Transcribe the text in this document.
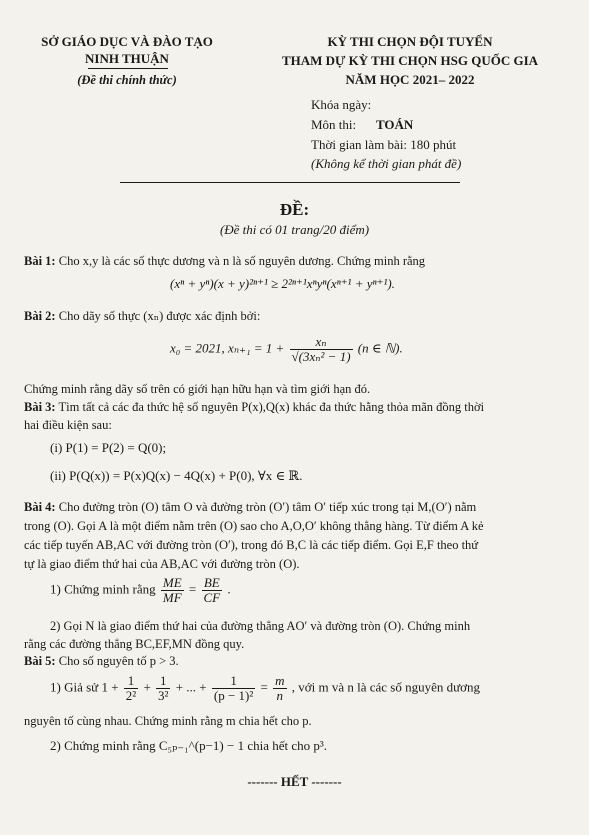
SỞ GIÁO DỤC VÀ ĐÀO TẠO
NINH THUẬN
(Đề thi chính thức)
KỲ THI CHỌN ĐỘI TUYỂN
THAM DỰ KỲ THI CHỌN HSG QUỐC GIA
NĂM HỌC 2021– 2022
Khóa ngày:
Môn thi: TOÁN
Thời gian làm bài: 180 phút
(Không kể thời gian phát đề)
ĐỀ:
(Đề thi có 01 trang/20 điểm)
Bài 1: Cho x,y là các số thực dương và n là số nguyên dương. Chứng minh rằng
(xⁿ + yⁿ)(x + y)²ⁿ⁺¹ ≥ 2²ⁿ⁺¹xⁿyⁿ(xⁿ⁺¹ + yⁿ⁺¹).
Bài 2: Cho dãy số thực (xₙ) được xác định bởi:
x₀ = 2021, $x_{n+1} = 1 + \frac{\text{xₙ}}{\text{√(3xₙ² − 1)}} (n$ ∈ ℕ).
Chứng minh rằng dãy số trên có giới hạn hữu hạn và tìm giới hạn đó.
Bài 3: Tìm tất cả các đa thức hệ số nguyên P(x),Q(x) khác đa thức hằng thỏa mãn đồng thời
hai điều kiện sau:
(i) P(1) = P(2) = Q(0);
(ii) P(Q(x)) = P(x)Q(x) − 4Q(x) + P(0), ∀x ∈ ℝ.
Bài 4: Cho đường tròn (O) tâm O và đường tròn (O′) tâm O′ tiếp xúc trong tại M,(O′) nằm
trong (O). Gọi A là một điểm nằm trên (O) sao cho A,O,O′ không thẳng hàng. Từ điểm A kẻ
các tiếp tuyến AB,AC với đường tròn (O′), trong đó B,C là các tiếp điểm. Gọi E,F theo thứ
tự là giao điểm thứ hai của AB,AC với đường tròn (O).
1) Chứng minh rằng $\frac{ME}{MF} = \frac{BE}{CF}$ .
2) Gọi N là giao điểm thứ hai của đường thẳng AO′ và đường tròn (O). Chứng minh
rằng các đường thẳng BC,EF,MN đồng quy.
Bài 5: Cho số nguyên tố p > 3.
1) Giả sử $1 + \frac{1}{\text{2²}} + \frac{1}{\text{3²}}$ + ... + $\frac{1}{\text{(p − 1)²}} = \frac{m}{n}$ , với m và n là các số nguyên dương
nguyên tố cùng nhau. Chứng minh rằng m chia hết cho p.
2) Chứng minh rằng C₅ₚ₋₁^(p−1) − 1 chia hết cho p³.
------- HẾT -------
